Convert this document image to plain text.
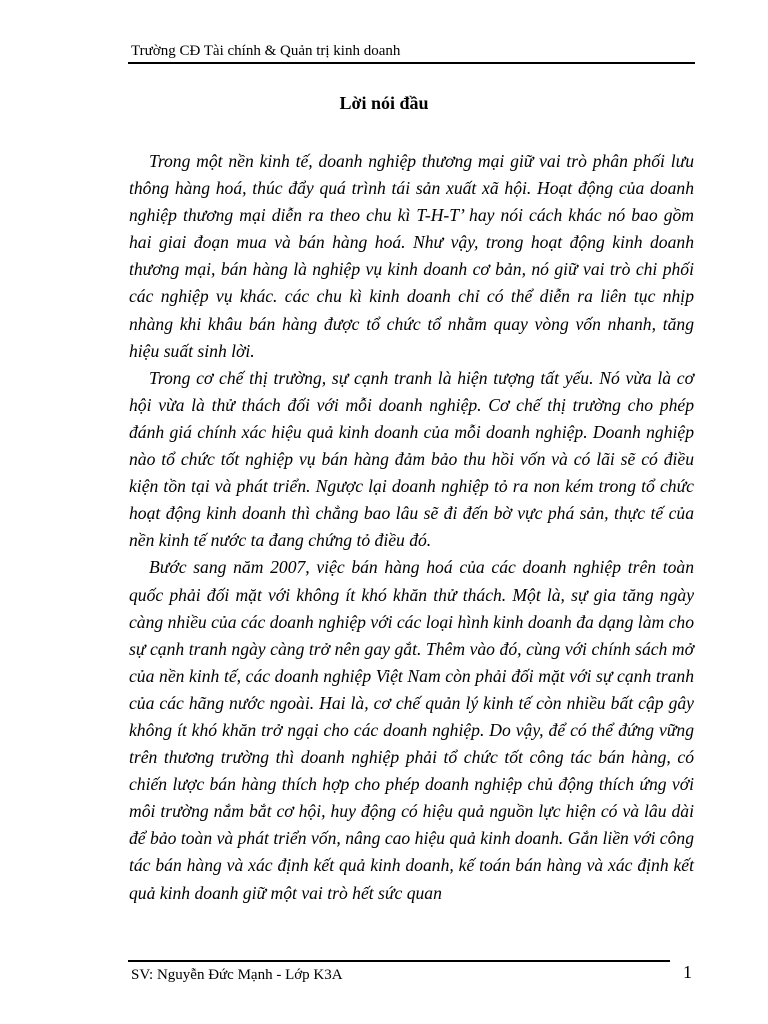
Trường CĐ Tài chính & Quản trị kinh doanh
Lời nói đầu

Trong một nền kinh tế, doanh nghiệp thương mại giữ vai trò phân phối lưu thông hàng hoá, thúc đẩy quá trình tái sản xuất xã hội. Hoạt động của doanh nghiệp thương mại diễn ra theo chu kì T-H-T’ hay nói cách khác nó bao gồm hai giai đoạn mua và bán hàng hoá. Như vậy, trong hoạt động kinh doanh thương mại, bán hàng là nghiệp vụ kinh doanh cơ bản, nó giữ vai trò chi phối các nghiệp vụ khác. các chu kì kinh doanh chỉ có thể diễn ra liên tục nhịp nhàng khi khâu bán hàng được tổ chức tổ nhằm quay vòng vốn nhanh, tăng hiệu suất sinh lời.

Trong cơ chế thị trường, sự cạnh tranh là hiện tượng tất yếu. Nó vừa là cơ hội vừa là thử thách đối với mỗi doanh nghiệp. Cơ chế thị trường cho phép đánh giá chính xác hiệu quả kinh doanh của mỗi doanh nghiệp. Doanh nghiệp nào tổ chức tốt nghiệp vụ bán hàng đảm bảo thu hồi vốn và có lãi sẽ có điều kiện tồn tại và phát triển. Ngược lại doanh nghiệp tỏ ra non kém trong tổ chức hoạt động kinh doanh thì chẳng bao lâu sẽ đi đến bờ vực phá sản, thực tế của nền kinh tế nước ta đang chứng tỏ điều đó.

Bước sang năm 2007, việc bán hàng hoá của các doanh nghiệp trên toàn quốc phải đối mặt với không ít khó khăn thử thách. Một là, sự gia tăng ngày càng nhiều của các doanh nghiệp với các loại hình kinh doanh đa dạng làm cho sự cạnh tranh ngày càng trở nên gay gắt. Thêm vào đó, cùng với chính sách mở của nền kinh tế, các doanh nghiệp Việt Nam còn phải đối mặt với sự cạnh tranh của các hãng nước ngoài. Hai là, cơ chế quản lý kinh tế còn nhiều bất cập gây không ít khó khăn trở ngại cho các doanh nghiệp. Do vậy, để có thể đứng vững trên thương trường thì doanh nghiệp phải tổ chức tốt công tác bán hàng, có chiến lược bán hàng thích hợp cho phép doanh nghiệp chủ động thích ứng với môi trường nắm bắt cơ hội, huy động có hiệu quả nguồn lực hiện có và lâu dài để bảo toàn và phát triển vốn, nâng cao hiệu quả kinh doanh. Gắn liền với công tác bán hàng và xác định kết quả kinh doanh, kế toán bán hàng và xác định kết quả kinh doanh giữ một vai trò hết sức quan

SV: Nguyễn Đức Mạnh - Lớp K3A	1
